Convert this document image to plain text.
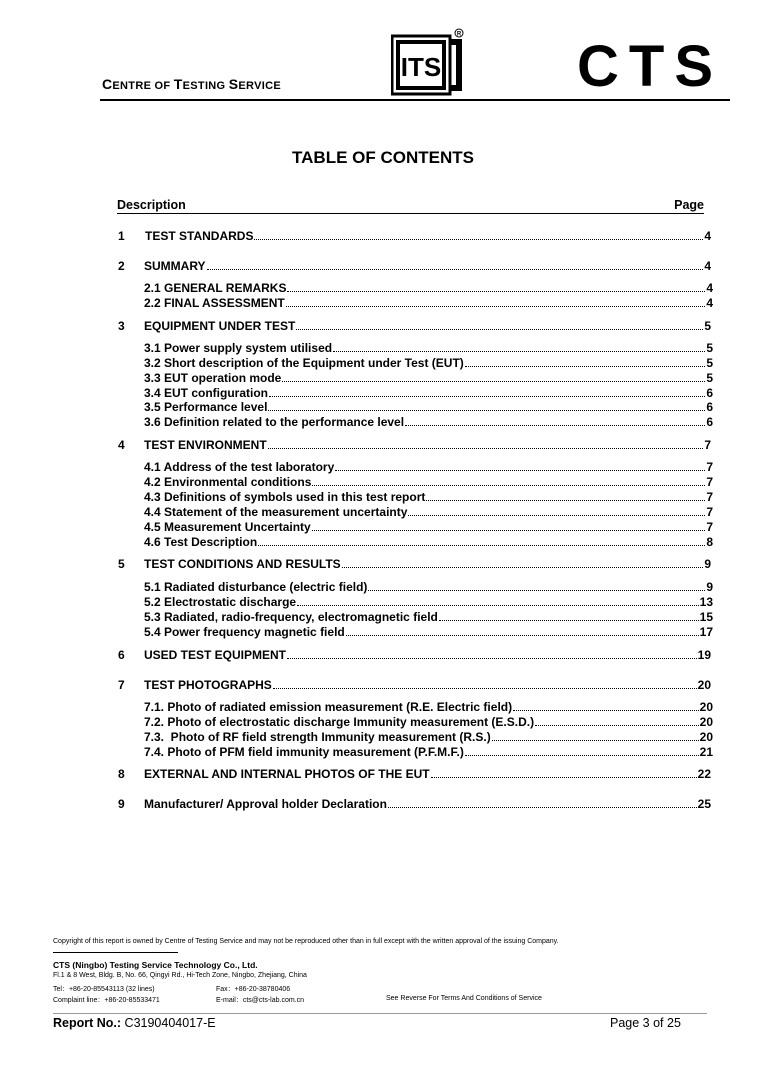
CENTRE OF TESTING SERVICE
ITS
R CTS
TABLE OF CONTENTS
Description	Page
1 TEST STANDARDS	4
2 SUMMARY	4
2.1 GENERAL REMARKS	4
2.2 FINAL ASSESSMENT	4
3 EQUIPMENT UNDER TEST	5
3.1 Power supply system utilised	5
3.2 Short description of the Equipment under Test (EUT)	5
3.3 EUT operation mode	5
3.4 EUT configuration	6
3.5 Performance level	6
3.6 Definition related to the performance level	6
4 TEST ENVIRONMENT	7
4.1 Address of the test laboratory	7
4.2 Environmental conditions	7
4.3 Definitions of symbols used in this test report	7
4.4 Statement of the measurement uncertainty	7
4.5 Measurement Uncertainty	7
4.6 Test Description	8
5 TEST CONDITIONS AND RESULTS	9
5.1 Radiated disturbance (electric field)	9
5.2 Electrostatic discharge	13
5.3 Radiated, radio-frequency, electromagnetic field	15
5.4 Power frequency magnetic field	17
6 USED TEST EQUIPMENT	19
7 TEST PHOTOGRAPHS	20
7.1. Photo of radiated emission measurement (R.E. Electric field)	20
7.2. Photo of electrostatic discharge Immunity measurement (E.S.D.)	20
7.3.  Photo of RF field strength Immunity measurement (R.S.)	20
7.4. Photo of PFM field immunity measurement (P.F.M.F.)	21
8 EXTERNAL AND INTERNAL PHOTOS OF THE EUT	22
9 Manufacturer/ Approval holder Declaration	25
Copyright of this report is owned by Centre of Testing Service and may not be reproduced other than in full except with the written approval of the issuing Company.
CTS (Ningbo) Testing Service Technology Co., Ltd.
Fl.1 & 8 West, Bldg. B, No. 66, Qingyi Rd., Hi-Tech Zone, Ningbo, Zhejiang, China
Tel：+86-20-85543113 (32 lines)	Fax：+86-20-38780406
Complaint line：+86-20-85533471	E-mail：cts@cts-lab.com.cn	See Reverse For Terms And Conditions of Service
Report No.: C3190404017-E	Page 3 of 25
